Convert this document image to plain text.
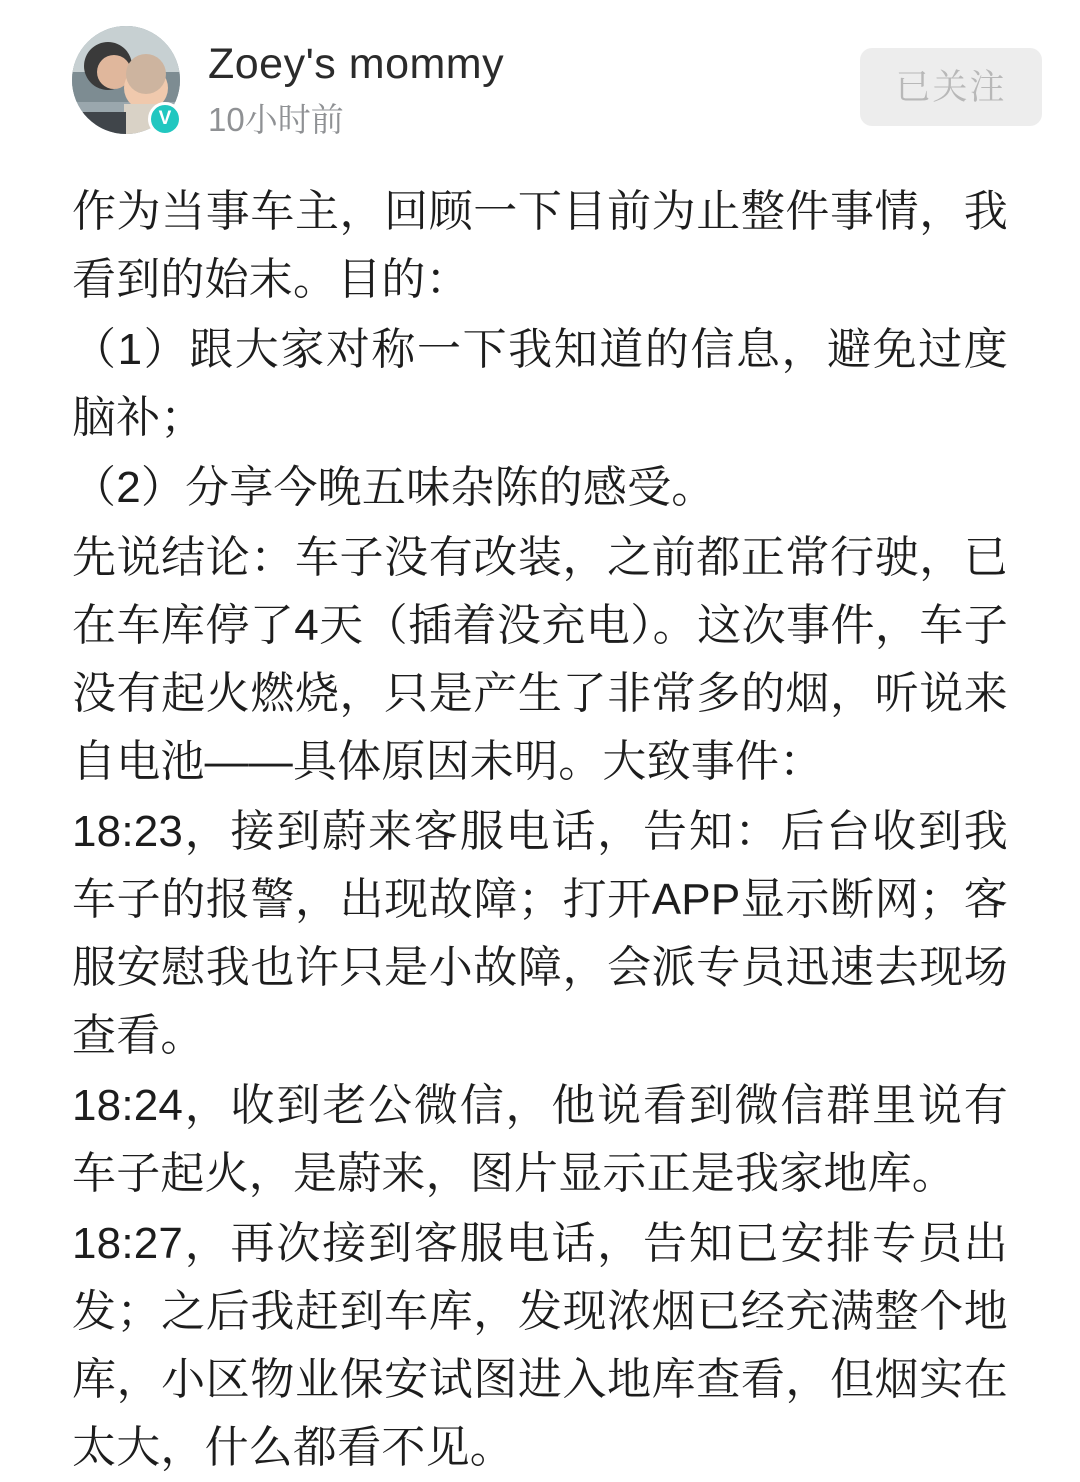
V
Zoey's mommy
10小时前
已关注

作为当事车主，回顾一下目前为止整件事情，我看到的始末。目的：

（1）跟大家对称一下我知道的信息，避免过度脑补；

（2）分享今晚五味杂陈的感受。

先说结论：车子没有改装，之前都正常行驶，已在车库停了4天（插着没充电）。这次事件，车子没有起火燃烧，只是产生了非常多的烟，听说来自电池——具体原因未明。大致事件：

18:23，接到蔚来客服电话，告知：后台收到我车子的报警，出现故障；打开APP显示断网；客服安慰我也许只是小故障，会派专员迅速去现场查看。

18:24，收到老公微信，他说看到微信群里说有车子起火，是蔚来，图片显示正是我家地库。

18:27，再次接到客服电话，告知已安排专员出发；之后我赶到车库，发现浓烟已经充满整个地库，小区物业保安试图进入地库查看，但烟实在太大，什么都看不见。
